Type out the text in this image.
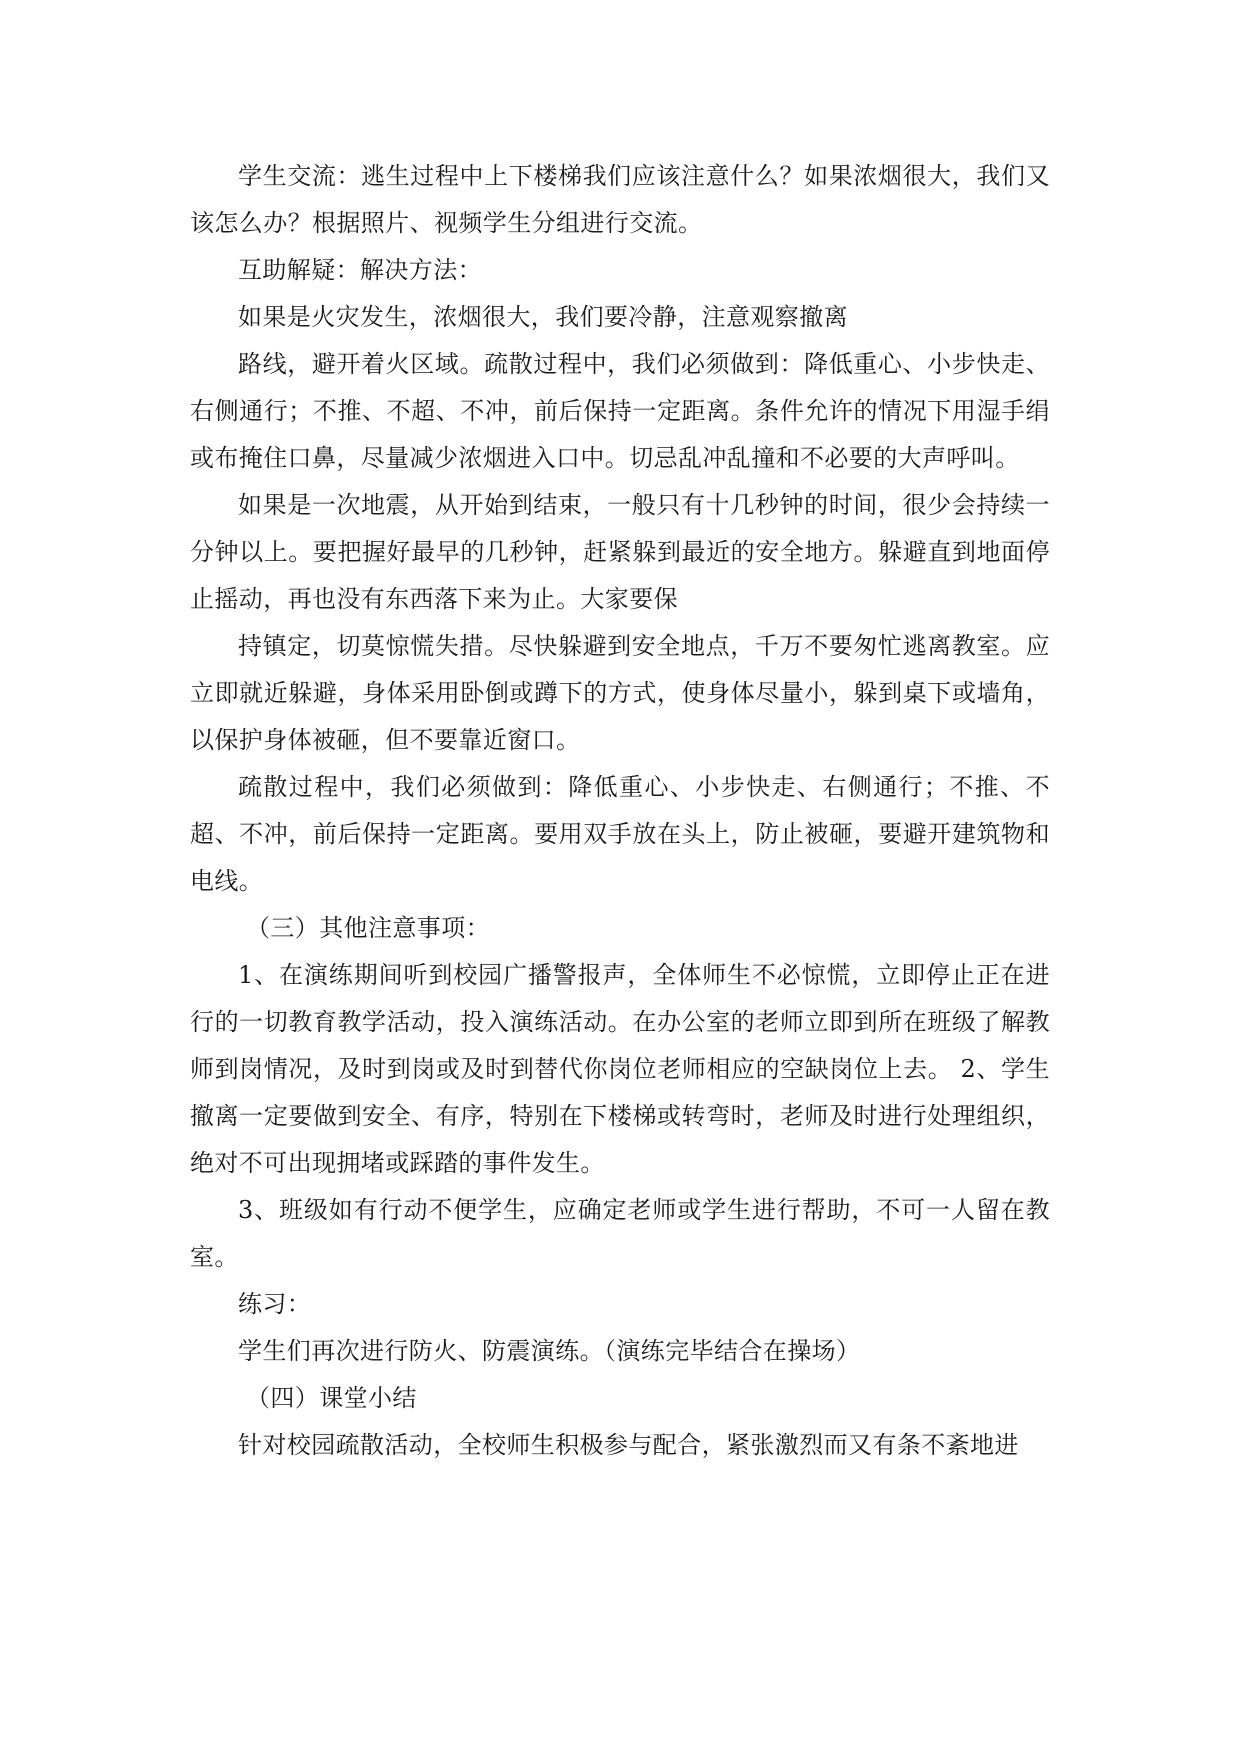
学生交流：逃生过程中上下楼梯我们应该注意什么？如果浓烟很大，我们又该怎么办？根据照片、视频学生分组进行交流。

互助解疑：解决方法：

如果是火灾发生，浓烟很大，我们要冷静，注意观察撤离

路线，避开着火区域。疏散过程中，我们必须做到：降低重心、小步快走、右侧通行；不推、不超、不冲，前后保持一定距离。条件允许的情况下用湿手绢或布掩住口鼻，尽量减少浓烟进入口中。切忌乱冲乱撞和不必要的大声呼叫。

如果是一次地震，从开始到结束，一般只有十几秒钟的时间，很少会持续一分钟以上。要把握好最早的几秒钟，赶紧躲到最近的安全地方。躲避直到地面停止摇动，再也没有东西落下来为止。大家要保

持镇定，切莫惊慌失措。尽快躲避到安全地点，千万不要匆忙逃离教室。应立即就近躲避，身体采用卧倒或蹲下的方式，使身体尽量小，躲到桌下或墙角，以保护身体被砸，但不要靠近窗口。

疏散过程中，我们必须做到：降低重心、小步快走、右侧通行；不推、不超、不冲，前后保持一定距离。要用双手放在头上，防止被砸，要避开建筑物和电线。

（三）其他注意事项：

1、在演练期间听到校园广播警报声，全体师生不必惊慌，立即停止正在进行的一切教育教学活动，投入演练活动。在办公室的老师立即到所在班级了解教师到岗情况，及时到岗或及时到替代你岗位老师相应的空缺岗位上去。 2、学生撤离一定要做到安全、有序，特别在下楼梯或转弯时，老师及时进行处理组织，绝对不可出现拥堵或踩踏的事件发生。

3、班级如有行动不便学生，应确定老师或学生进行帮助，不可一人留在教室。

练习：

学生们再次进行防火、防震演练。（演练完毕结合在操场）

（四）课堂小结

针对校园疏散活动，全校师生积极参与配合，紧张激烈而又有条不紊地进
